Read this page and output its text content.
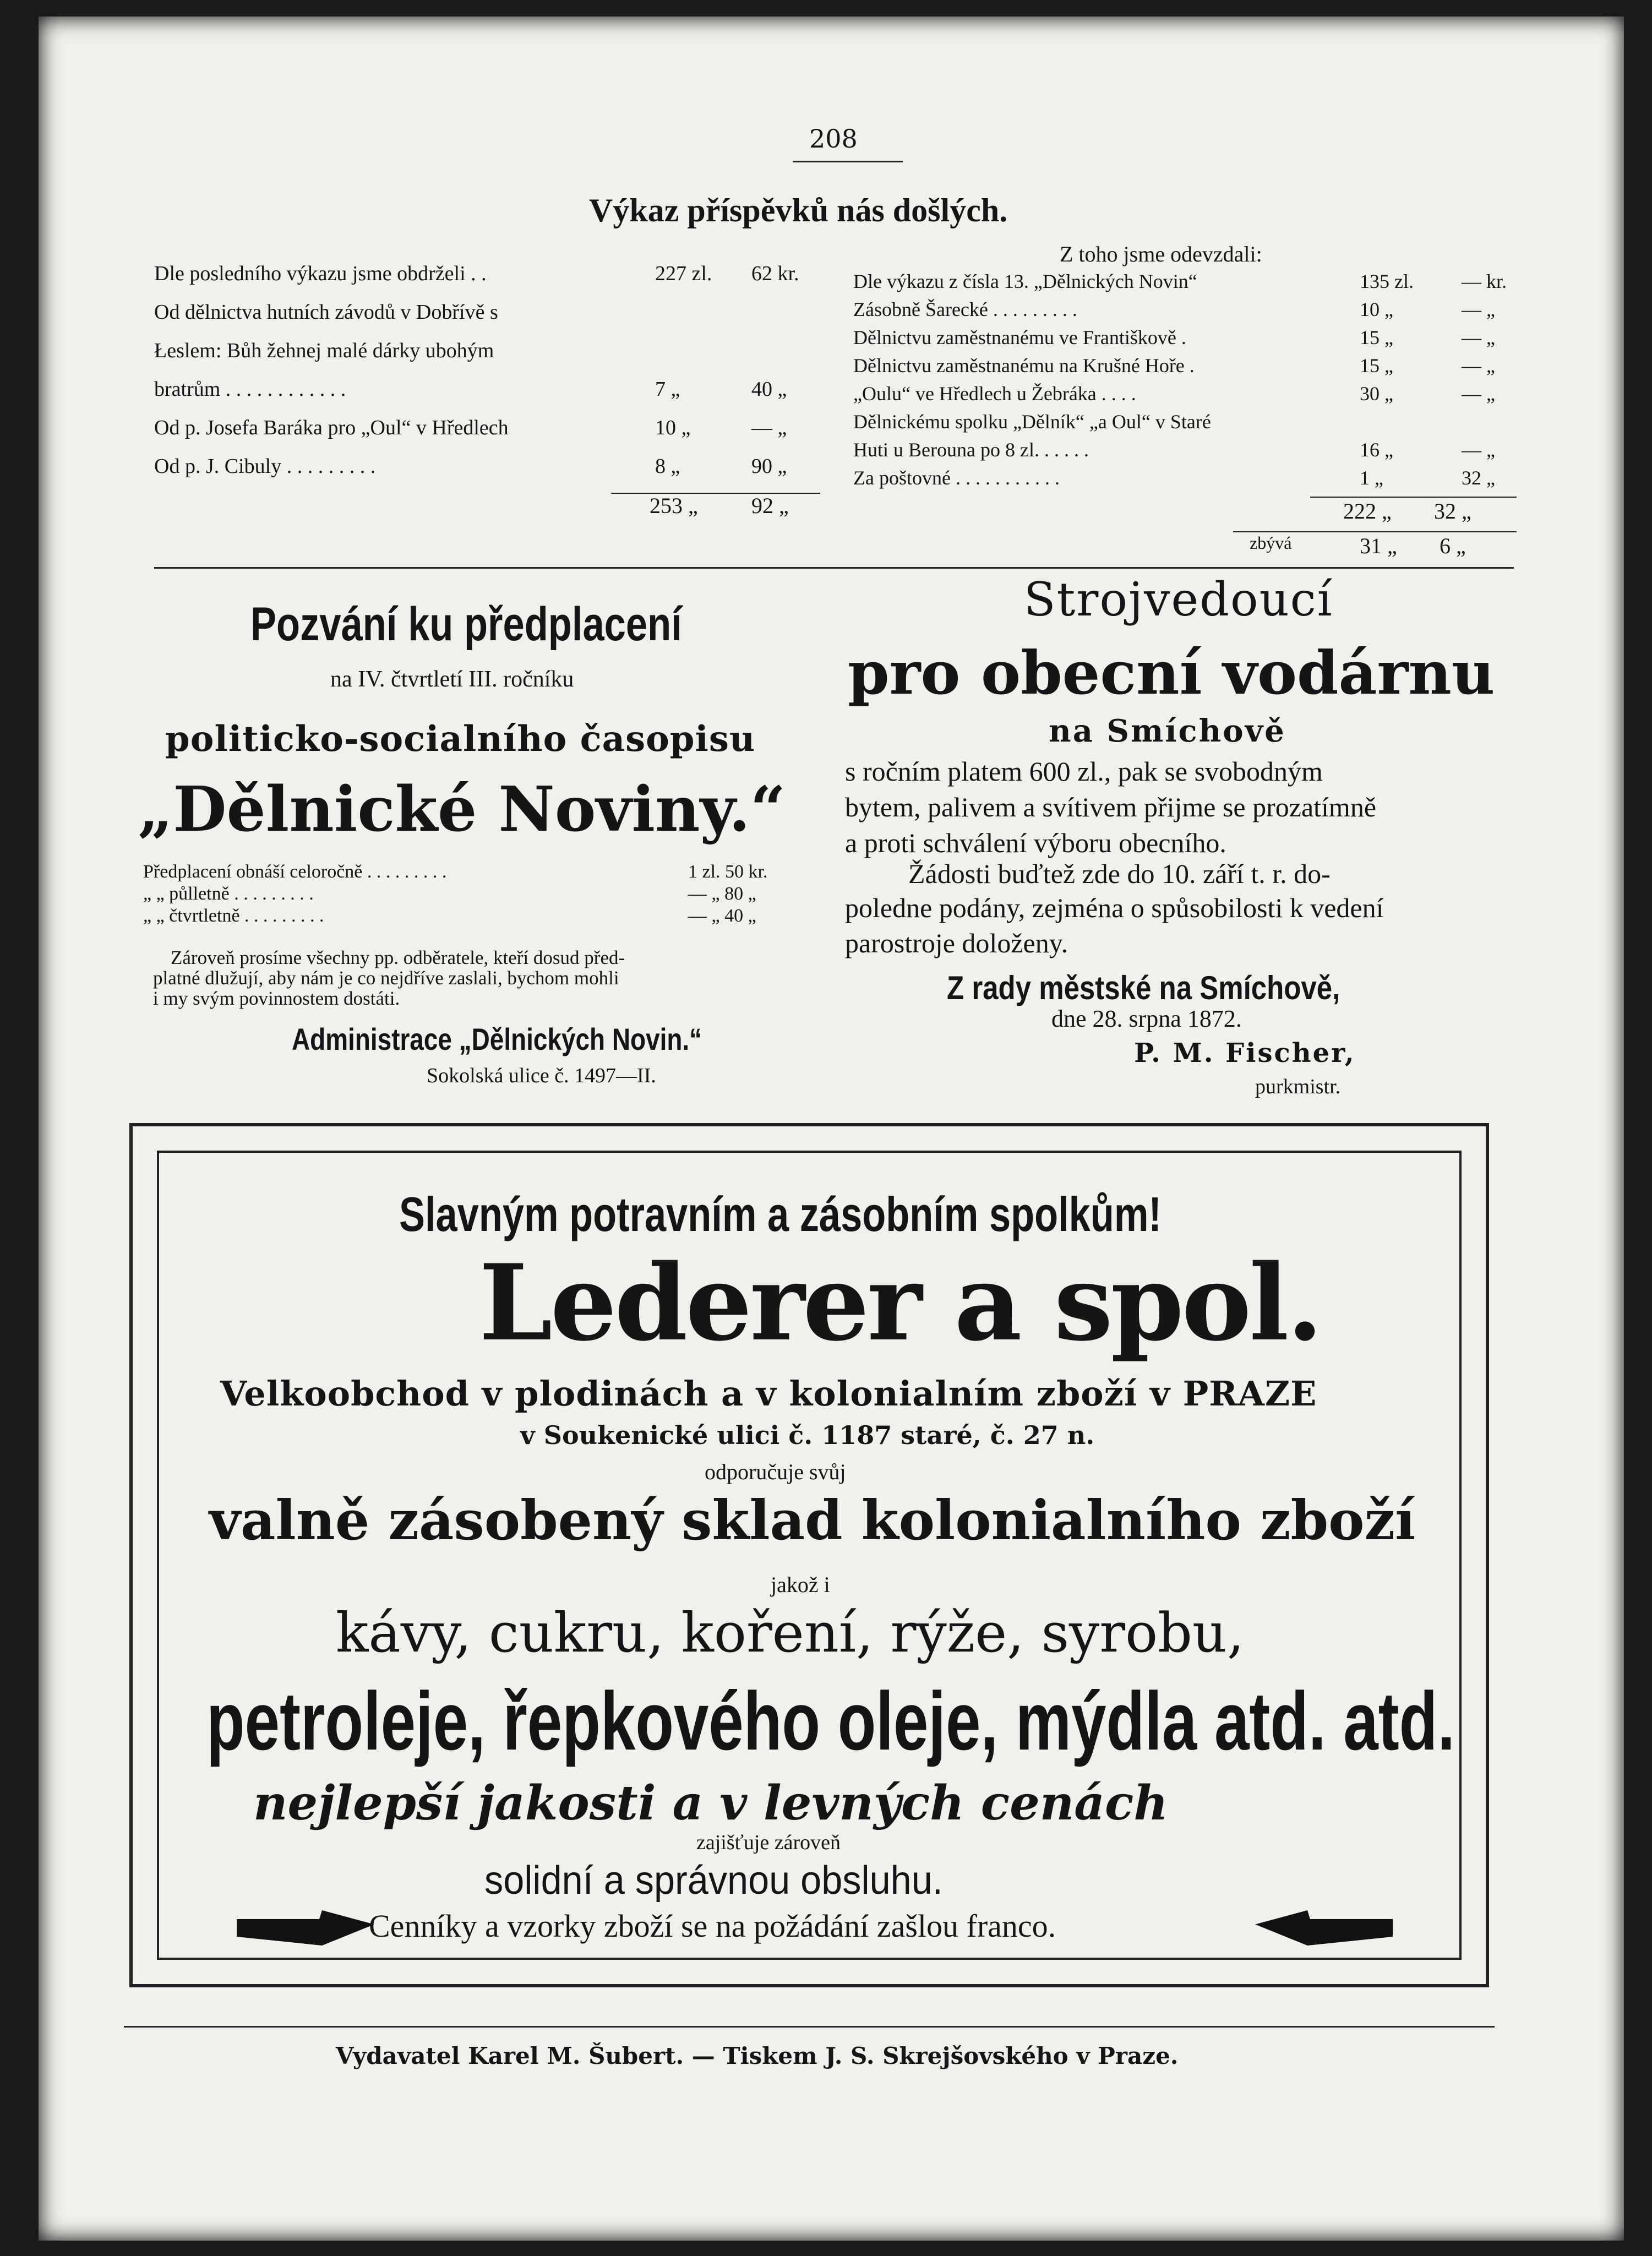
208
Výkaz příspěvků nás došlých.
Dle posledního výkazu jsme obdrželi . .	227 zl. 62 kr.
Od dělnictva hutních závodů v Dobřívě s
Łeslem: Bůh žehnej malé dárky ubohým
bratrům . . . . . . . . . . . .	7 „	40 „
Od p. Josefa Baráka pro „Oul“ v Hředlech	10 „	— „
Od p. J. Cibuly . . . . . . . . .	8 „	90 „
253 „ 92 „
Z toho jsme odevzdali:
Dle výkazu z čísla 13. „Dělnických Novin“	135 zl. — kr.
Zásobně Šarecké . . . . . . . . .	10 „	— „
Dělnictvu zaměstnanému ve Františkově .	15 „	— „
Dělnictvu zaměstnanému na Krušné Hoře .	15 „	— „
„Oulu“ ve Hředlech u Žebráka . . . .	30 „	— „
Dělnickému spolku „Dělník“ „a Oul“ v Staré
Huti u Berouna po 8 zl. . . . . .	16 „	— „
Za poštovné . . . . . . . . . . .	1 „	32 „
222 „ 32 „
zbývá	31 „ 6 „
Pozvání ku předplacení
na IV. čtvrtletí III. ročníku
politicko-socialního časopisu
„Dělnické Noviny.“
Předplacení obnáší celoročně . . . . . . . . .	1 zl. 50 kr.
„ „ půlletně . . . . . . . . .	— „ 80 „
„ „ čtvrtletně . . . . . . . . .	— „ 40 „
Zároveň prosíme všechny pp. odběratele, kteří dosud před-
platné dlužují, aby nám je co nejdříve zaslali, bychom mohli
i my svým povinnostem dostáti.
Administrace „Dělnických Novin.“
Sokolská ulice č. 1497—II.
Strojvedoucí
pro obecní vodárnu
na Smíchově
s ročním platem 600 zl., pak se svobodným
bytem, palivem a svítivem přijme se prozatímně
a proti schválení výboru obecního.
Žádosti buďtež zde do 10. září t. r. do-
poledne podány, zejména o spůsobilosti k vedení
parostroje doloženy.
Z rady městské na Smíchově,
dne 28. srpna 1872.
P. M. Fischer,
purkmistr.
Slavným potravním a zásobním spolkům!
Lederer a spol.
Velkoobchod v plodinách a v kolonialním zboží v PRAZE
v Soukenické ulici č. 1187 staré, č. 27 n.
odporučuje svůj
valně zásobený sklad kolonialního zboží
jakož i
kávy, cukru, koření, rýže, syrobu,
petroleje, řepkového oleje, mýdla atd. atd.
nejlepší jakosti a v levných cenách
zajišťuje zároveň
solidní a správnou obsluhu.
Cenníky a vzorky zboží se na požádání zašlou franco.
Vydavatel Karel M. Šubert. — Tiskem J. S. Skrejšovského v Praze.
